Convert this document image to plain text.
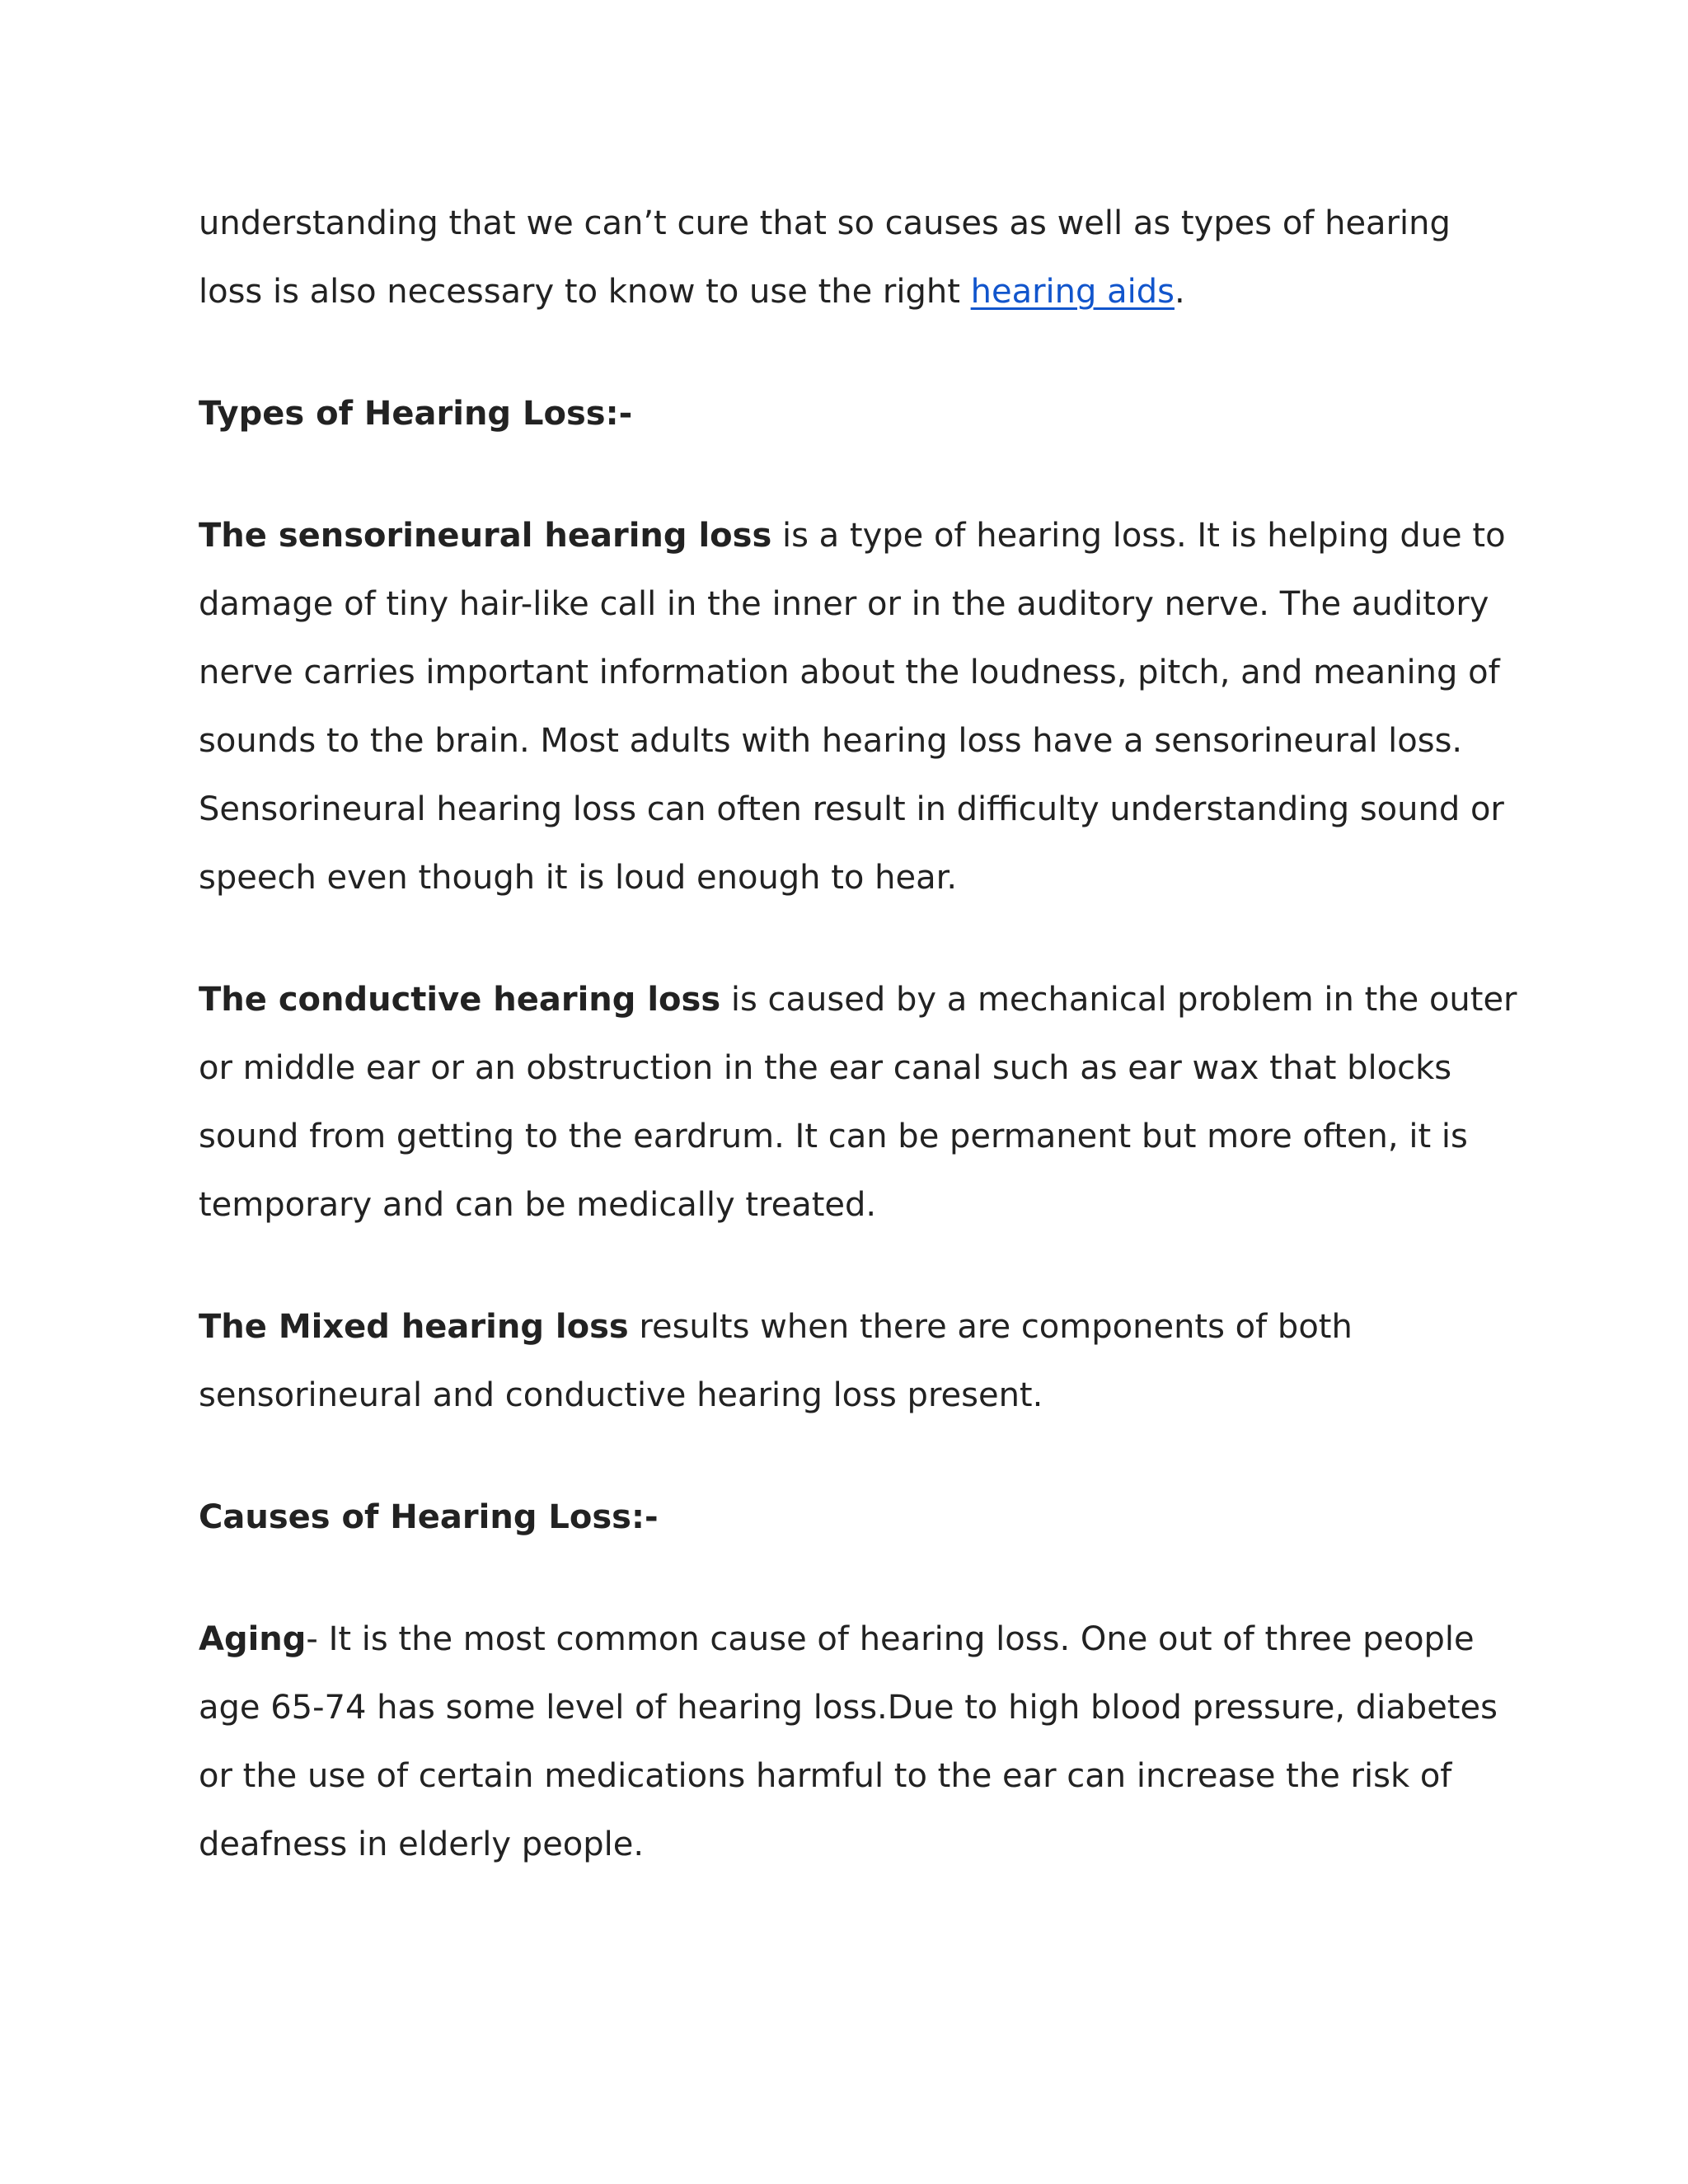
understanding that we can’t cure that so causes as well as types of hearing loss is also necessary to know to use the right hearing aids.

Types of Hearing Loss:-

The sensorineural hearing loss is a type of hearing loss. It is helping due to damage of tiny hair-like call in the inner or in the auditory nerve. The auditory nerve carries important information about the loudness, pitch, and meaning of sounds to the brain. Most adults with hearing loss have a sensorineural loss. Sensorineural hearing loss can often result in difficulty understanding sound or speech even though it is loud enough to hear.

The conductive hearing loss is caused by a mechanical problem in the outer or middle ear or an obstruction in the ear canal such as ear wax that blocks sound from getting to the eardrum. It can be permanent but more often, it is temporary and can be medically treated.

The Mixed hearing loss results when there are components of both sensorineural and conductive hearing loss present.

Causes of Hearing Loss:-

Aging- It is the most common cause of hearing loss. One out of three people age 65-74 has some level of hearing loss.Due to high blood pressure, diabetes or the use of certain medications harmful to the ear can increase the risk of deafness in elderly people.
